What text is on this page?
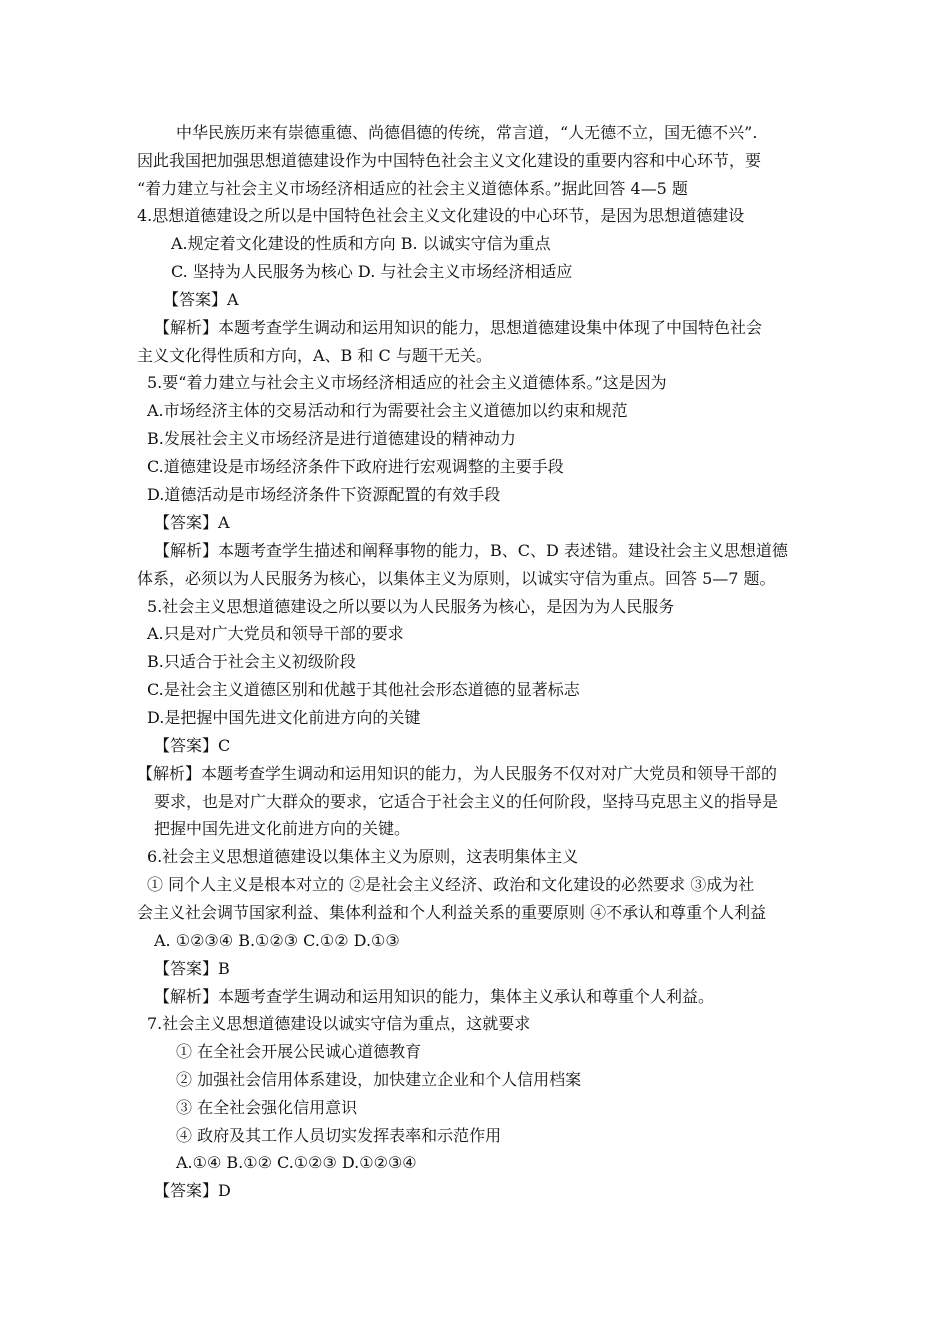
中华民族历来有崇德重德、尚德倡德的传统，常言道，“人无德不立，国无德不兴”.
因此我国把加强思想道德建设作为中国特色社会主义文化建设的重要内容和中心环节，要
“着力建立与社会主义市场经济相适应的社会主义道德体系。”据此回答 4—5 题
4.思想道德建设之所以是中国特色社会主义文化建设的中心环节，是因为思想道德建设
A.规定着文化建设的性质和方向 B. 以诚实守信为重点
C. 坚持为人民服务为核心 D. 与社会主义市场经济相适应
【答案】A
【解析】本题考查学生调动和运用知识的能力，思想道德建设集中体现了中国特色社会
主义文化得性质和方向，A、B 和 C 与题干无关。
5.要“着力建立与社会主义市场经济相适应的社会主义道德体系。”这是因为
A.市场经济主体的交易活动和行为需要社会主义道德加以约束和规范
B.发展社会主义市场经济是进行道德建设的精神动力
C.道德建设是市场经济条件下政府进行宏观调整的主要手段
D.道德活动是市场经济条件下资源配置的有效手段
【答案】A
【解析】本题考查学生描述和阐释事物的能力，B、C、D 表述错。建设社会主义思想道德
体系，必须以为人民服务为核心，以集体主义为原则，以诚实守信为重点。回答 5—7 题。
5.社会主义思想道德建设之所以要以为人民服务为核心，是因为为人民服务
A.只是对广大党员和领导干部的要求
B.只适合于社会主义初级阶段
C.是社会主义道德区别和优越于其他社会形态道德的显著标志
D.是把握中国先进文化前进方向的关键
【答案】C
【解析】本题考查学生调动和运用知识的能力，为人民服务不仅对对广大党员和领导干部的
要求，也是对广大群众的要求，它适合于社会主义的任何阶段，坚持马克思主义的指导是
把握中国先进文化前进方向的关键。
6.社会主义思想道德建设以集体主义为原则，这表明集体主义
① 同个人主义是根本对立的 ②是社会主义经济、政治和文化建设的必然要求 ③成为社
会主义社会调节国家利益、集体利益和个人利益关系的重要原则 ④不承认和尊重个人利益
A. ①②③④ B.①②③ C.①② D.①③
【答案】B
【解析】本题考查学生调动和运用知识的能力，集体主义承认和尊重个人利益。
7.社会主义思想道德建设以诚实守信为重点，这就要求
① 在全社会开展公民诚心道德教育
② 加强社会信用体系建设，加快建立企业和个人信用档案
③ 在全社会强化信用意识
④ 政府及其工作人员切实发挥表率和示范作用
A.①④ B.①② C.①②③ D.①②③④
【答案】D
